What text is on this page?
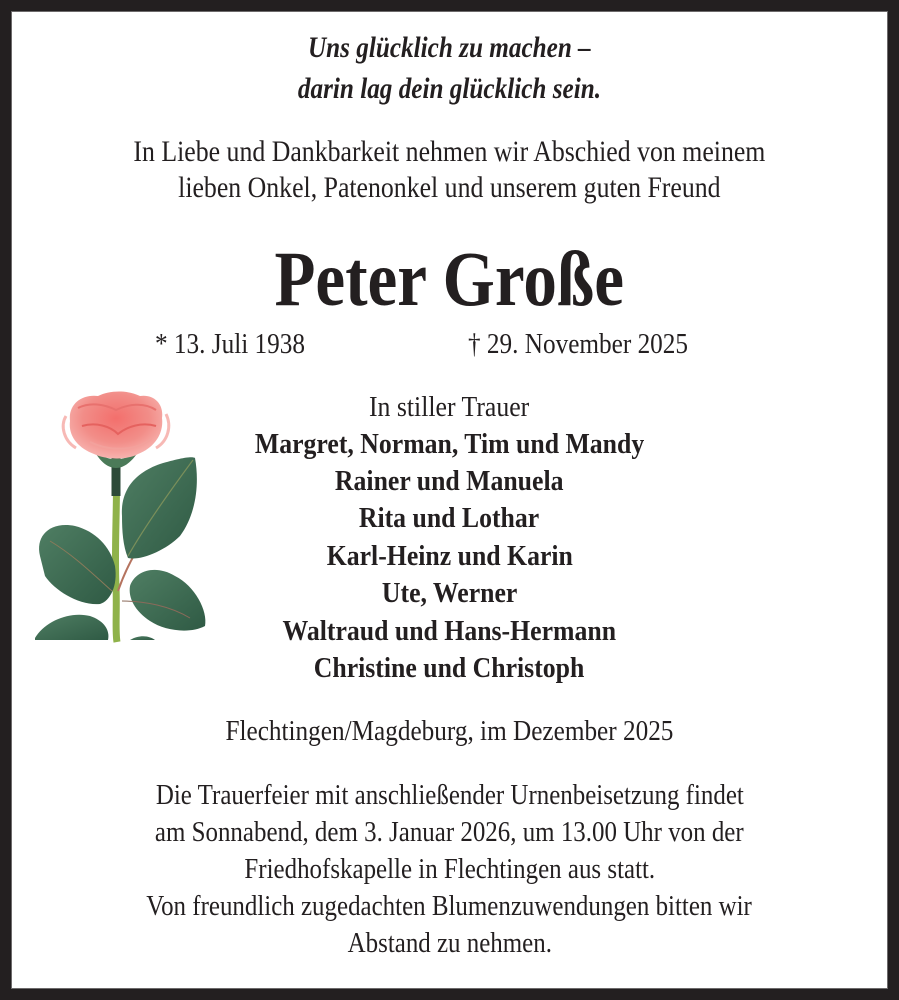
Uns glücklich zu machen –
darin lag dein glücklich sein.
In Liebe und Dankbarkeit nehmen wir Abschied von meinem
lieben Onkel, Patenonkel und unserem guten Freund
Peter Große
* 13. Juli 1938	† 29. November 2025
In stiller Trauer
Margret, Norman, Tim und Mandy
Rainer und Manuela
Rita und Lothar
Karl-Heinz und Karin
Ute, Werner
Waltraud und Hans-Hermann
Christine und Christoph
Flechtingen/Magdeburg, im Dezember 2025
Die Trauerfeier mit anschließender Urnenbeisetzung findet
am Sonnabend, dem 3. Januar 2026, um 13.00 Uhr von der
Friedhofskapelle in Flechtingen aus statt.
Von freundlich zugedachten Blumenzuwendungen bitten wir
Abstand zu nehmen.
